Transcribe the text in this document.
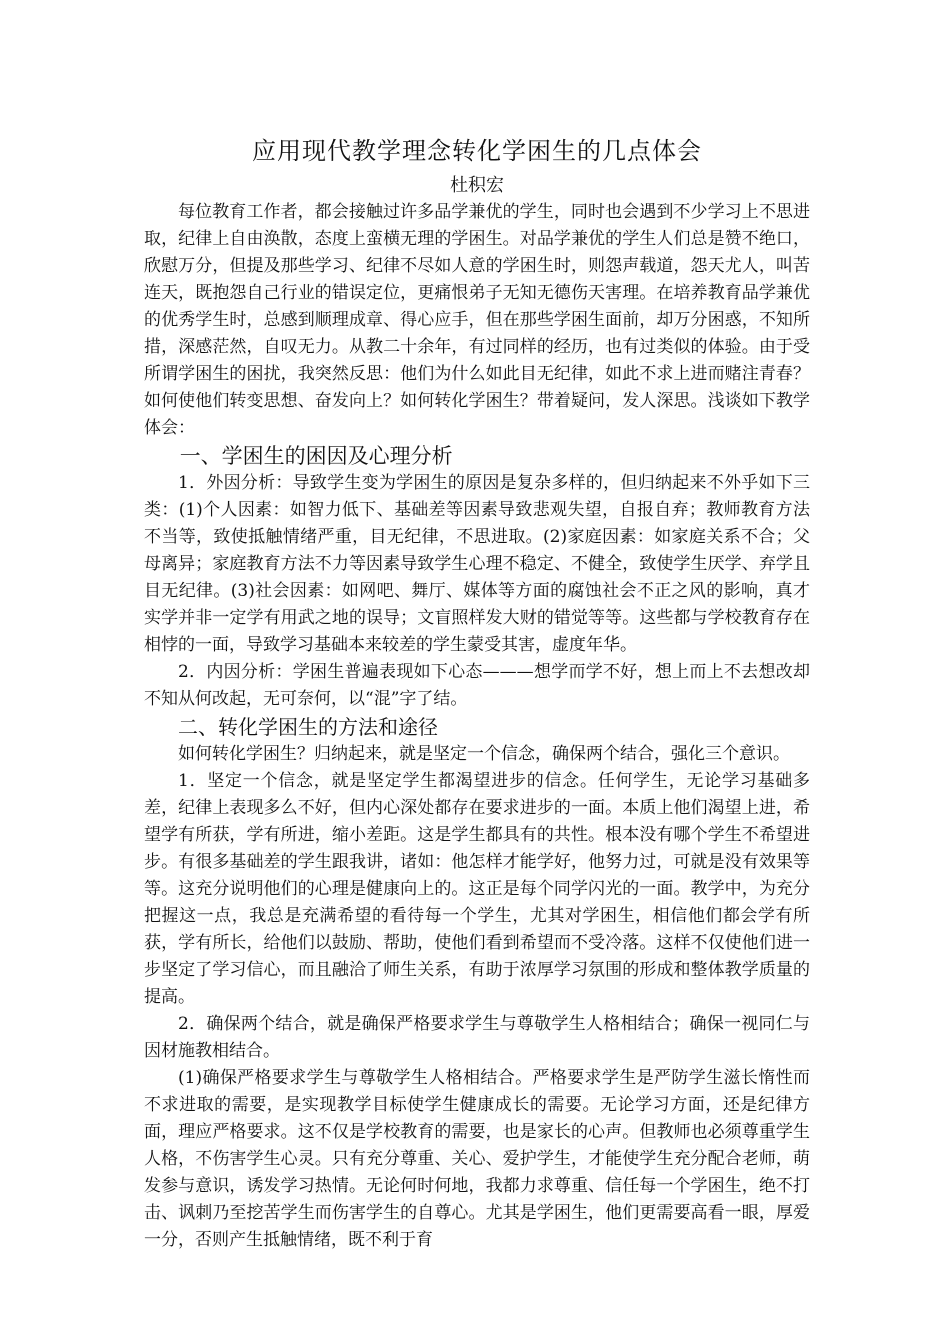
应用现代教学理念转化学困生的几点体会

杜积宏

每位教育工作者，都会接触过许多品学兼优的学生，同时也会遇到不少学习上不思进取，纪律上自由涣散，态度上蛮横无理的学困生。对品学兼优的学生人们总是赞不绝口，欣慰万分，但提及那些学习、纪律不尽如人意的学困生时，则怨声载道，怨天尤人，叫苦连天，既抱怨自己行业的错误定位，更痛恨弟子无知无德伤天害理。在培养教育品学兼优的优秀学生时，总感到顺理成章、得心应手，但在那些学困生面前，却万分困惑，不知所措，深感茫然，自叹无力。从教二十余年，有过同样的经历，也有过类似的体验。由于受所谓学困生的困扰，我突然反思：他们为什么如此目无纪律，如此不求上进而赌注青春？如何使他们转变思想、奋发向上？如何转化学困生？带着疑问，发人深思。浅谈如下教学体会：

一、学困生的困因及心理分析

1．外因分析：导致学生变为学困生的原因是复杂多样的，但归纳起来不外乎如下三类：(1)个人因素：如智力低下、基础差等因素导致悲观失望，自报自弃；教师教育方法不当等，致使抵触情绪严重，目无纪律，不思进取。(2)家庭因素：如家庭关系不合；父母离异；家庭教育方法不力等因素导致学生心理不稳定、不健全，致使学生厌学、弃学且目无纪律。(3)社会因素：如网吧、舞厅、媒体等方面的腐蚀社会不正之风的影响，真才实学并非一定学有用武之地的误导；文盲照样发大财的错觉等等。这些都与学校教育存在相悖的一面，导致学习基础本来较差的学生蒙受其害，虚度年华。

2．内因分析：学困生普遍表现如下心态———想学而学不好，想上而上不去想改却不知从何改起，无可奈何，以“混”字了结。

二、转化学困生的方法和途径

如何转化学困生？归纳起来，就是坚定一个信念，确保两个结合，强化三个意识。

1．坚定一个信念，就是坚定学生都渴望进步的信念。任何学生，无论学习基础多差，纪律上表现多么不好，但内心深处都存在要求进步的一面。本质上他们渴望上进，希望学有所获，学有所进，缩小差距。这是学生都具有的共性。根本没有哪个学生不希望进步。有很多基础差的学生跟我讲，诸如：他怎样才能学好，他努力过，可就是没有效果等等。这充分说明他们的心理是健康向上的。这正是每个同学闪光的一面。教学中，为充分把握这一点，我总是充满希望的看待每一个学生，尤其对学困生，相信他们都会学有所获，学有所长，给他们以鼓励、帮助，使他们看到希望而不受冷落。这样不仅使他们进一步坚定了学习信心，而且融洽了师生关系，有助于浓厚学习氛围的形成和整体教学质量的提高。

2．确保两个结合，就是确保严格要求学生与尊敬学生人格相结合；确保一视同仁与因材施教相结合。

(1)确保严格要求学生与尊敬学生人格相结合。严格要求学生是严防学生滋长惰性而不求进取的需要，是实现教学目标使学生健康成长的需要。无论学习方面，还是纪律方面，理应严格要求。这不仅是学校教育的需要，也是家长的心声。但教师也必须尊重学生人格，不伤害学生心灵。只有充分尊重、关心、爱护学生，才能使学生充分配合老师，萌发参与意识，诱发学习热情。无论何时何地，我都力求尊重、信任每一个学困生，绝不打击、讽刺乃至挖苦学生而伤害学生的自尊心。尤其是学困生，他们更需要高看一眼，厚爱一分，否则产生抵触情绪，既不利于育
